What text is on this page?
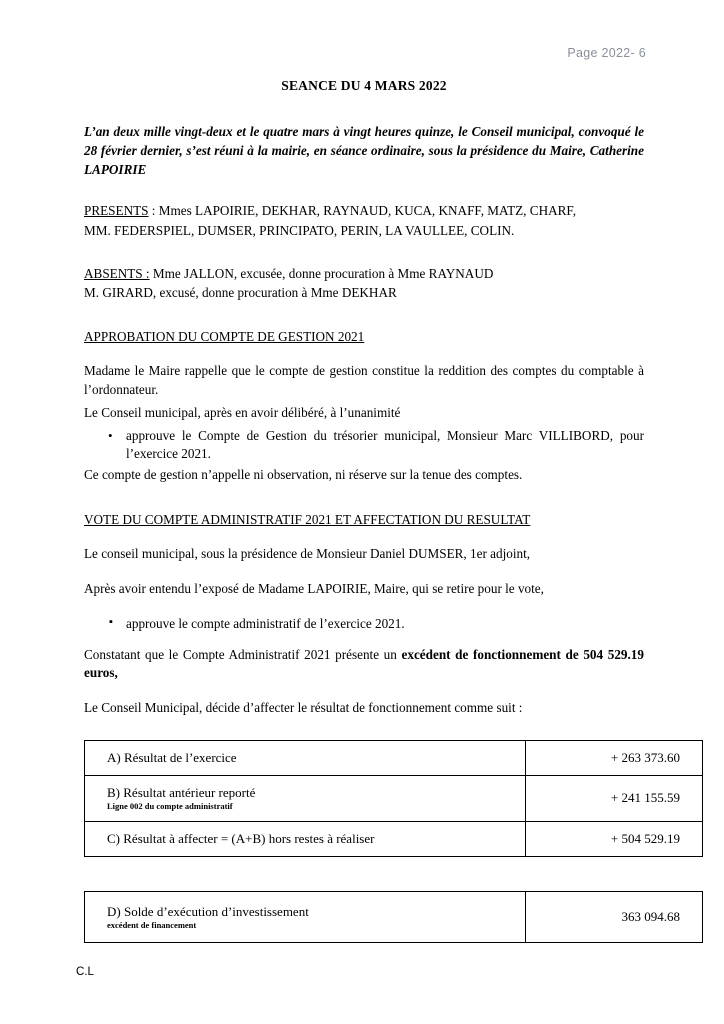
Page 2022- 6
SEANCE DU 4 MARS 2022

L’an deux mille vingt-deux et le quatre mars à vingt heures quinze, le Conseil municipal, convoqué le 28 février dernier, s’est réuni à la mairie, en séance ordinaire, sous la présidence du Maire, Catherine LAPOIRIE

PRESENTS : Mmes LAPOIRIE, DEKHAR, RAYNAUD, KUCA, KNAFF, MATZ, CHARF,
MM. FEDERSPIEL, DUMSER, PRINCIPATO, PERIN, LA VAULLEE, COLIN.
ABSENTS : Mme JALLON, excusée, donne procuration à Mme RAYNAUD
M. GIRARD, excusé, donne procuration à Mme DEKHAR
APPROBATION DU COMPTE DE GESTION 2021

Madame le Maire rappelle que le compte de gestion constitue la reddition des comptes du comptable à l’ordonnateur.

Le Conseil municipal, après en avoir délibéré, à l’unanimité

• approuve le Compte de Gestion du trésorier municipal, Monsieur Marc VILLIBORD, pour l’exercice 2021.

Ce compte de gestion n’appelle ni observation, ni réserve sur la tenue des comptes.

VOTE DU COMPTE ADMINISTRATIF 2021 ET AFFECTATION DU RESULTAT

Le conseil municipal, sous la présidence de Monsieur Daniel DUMSER, 1er adjoint,

Après avoir entendu l’exposé de Madame LAPOIRIE, Maire, qui se retire pour le vote,

▪ approuve le compte administratif de l’exercice 2021.

Constatant que le Compte Administratif 2021 présente un excédent de fonctionnement de 504 529.19 euros,

Le Conseil Municipal, décide d’affecter le résultat de fonctionnement comme suit :

A) Résultat de l’exercice	+ 263 373.60

B) Résultat antérieur reporté
Ligne 002 du compte administratif	+ 241 155.59

C) Résultat à affecter = (A+B) hors restes à réaliser	+ 504 529.19
D) Solde d’exécution d’investissement
excédent de financement
	363 094.68
C.L
